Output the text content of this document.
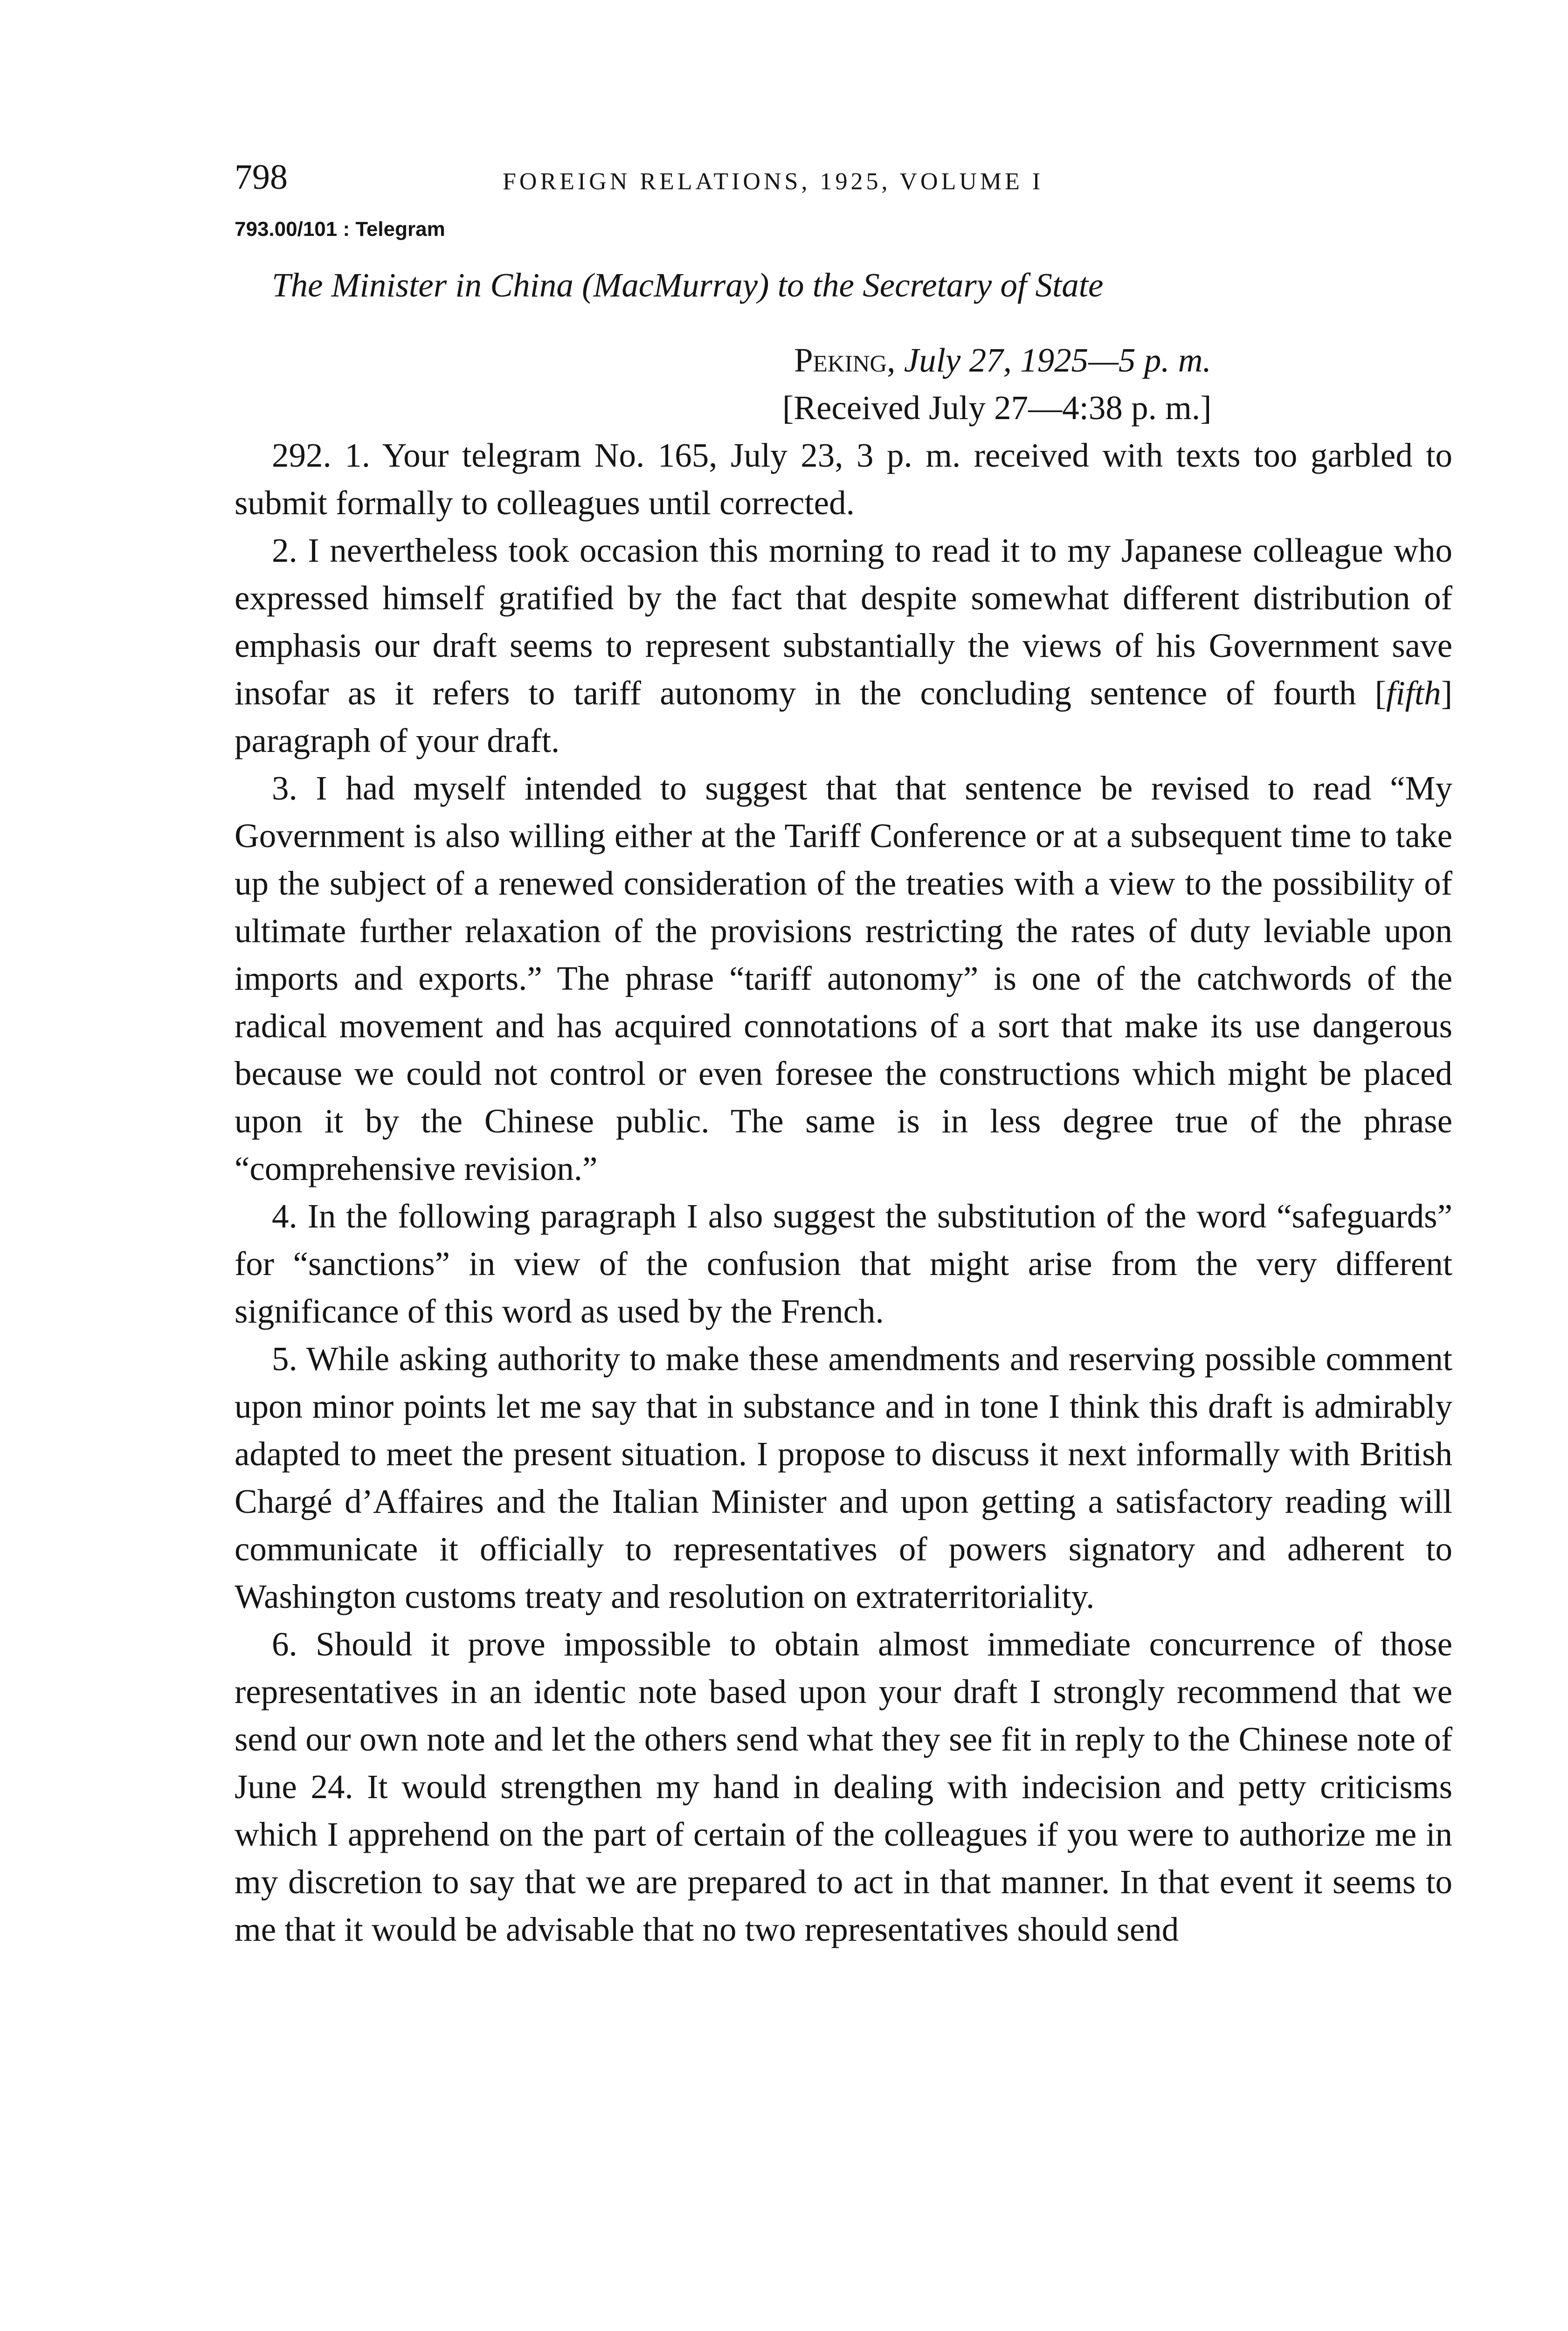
798	FOREIGN RELATIONS, 1925, VOLUME I
793.00/101 : Telegram
The Minister in China (MacMurray) to the Secretary of State
Peking, July 27, 1925—5 p. m.
[Received July 27—4:38 p. m.]

292. 1. Your telegram No. 165, July 23, 3 p. m. received with texts too garbled to submit formally to colleagues until corrected.

2. I nevertheless took occasion this morning to read it to my Japanese colleague who expressed himself gratified by the fact that despite somewhat different distribution of emphasis our draft seems to represent substantially the views of his Government save insofar as it refers to tariff autonomy in the concluding sentence of fourth [fifth] paragraph of your draft.

3. I had myself intended to suggest that that sentence be revised to read “My Government is also willing either at the Tariff Conference or at a subsequent time to take up the subject of a renewed consideration of the treaties with a view to the possibility of ultimate further relaxation of the provisions restricting the rates of duty leviable upon imports and exports.” The phrase “tariff autonomy” is one of the catchwords of the radical movement and has acquired connotations of a sort that make its use dangerous because we could not control or even foresee the constructions which might be placed upon it by the Chinese public. The same is in less degree true of the phrase “comprehensive revision.”

4. In the following paragraph I also suggest the substitution of the word “safeguards” for “sanctions” in view of the confusion that might arise from the very different significance of this word as used by the French.

5. While asking authority to make these amendments and reserving possible comment upon minor points let me say that in substance and in tone I think this draft is admirably adapted to meet the present situation. I propose to discuss it next informally with British Chargé d’Affaires and the Italian Minister and upon getting a satisfactory reading will communicate it officially to representatives of powers signatory and adherent to Washington customs treaty and resolution on extraterritoriality.

6. Should it prove impossible to obtain almost immediate concurrence of those representatives in an identic note based upon your draft I strongly recommend that we send our own note and let the others send what they see fit in reply to the Chinese note of June 24. It would strengthen my hand in dealing with indecision and petty criticisms which I apprehend on the part of certain of the colleagues if you were to authorize me in my discretion to say that we are prepared to act in that manner. In that event it seems to me that it would be advisable that no two representatives should send
